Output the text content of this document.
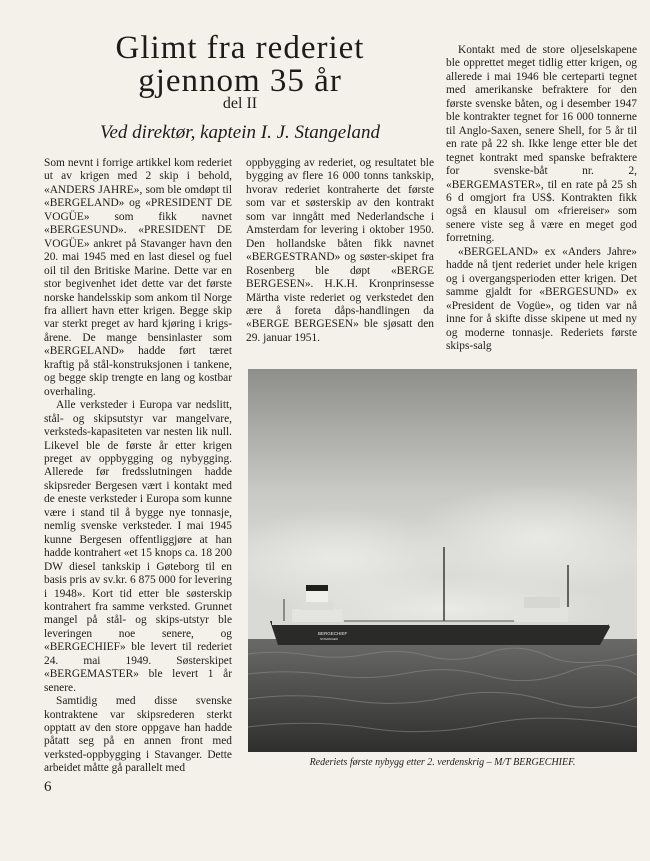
Glimt fra rederiet
gjennom 35 år
del II
Ved direktør, kaptein I. J. Stangeland

Som nevnt i forrige artikkel kom rederiet ut av krigen med 2 skip i behold, «ANDERS JAHRE», som ble omdøpt til «BERGELAND» og «PRESIDENT DE VOGÜE» som fikk navnet «BERGESUND». «PRESIDENT DE VOGÜE» ankret på Stavanger havn den 20. mai 1945 med en last diesel og fuel oil til den Britiske Marine. Dette var en stor begivenhet idet dette var det første norske handelsskip som ankom til Norge fra alliert havn etter krigen. Begge skip var sterkt preget av hard kjøring i krigs-årene. De mange bensinlaster som «BERGELAND» hadde ført tæret kraftig på stål-konstruksjonen i tankene, og begge skip trengte en lang og kostbar overhaling.

Alle verksteder i Europa var nedslitt, stål- og skipsutstyr var mangelvare, verksteds-kapasiteten var nesten lik null. Likevel ble de første år etter krigen preget av oppbygging og nybygging. Allerede før fredsslutningen hadde skipsreder Bergesen vært i kontakt med de eneste verksteder i Europa som kunne være i stand til å bygge nye tonnasje, nemlig svenske verksteder. I mai 1945 kunne Bergesen offentliggjøre at han hadde kontrahert «et 15 knops ca. 18 200 DW diesel tankskip i Gøteborg til en basis pris av sv.kr. 6 875 000 for levering i 1948». Kort tid etter ble søsterskip kontrahert fra samme verksted. Grunnet mangel på stål- og skips-utstyr ble leveringen noe senere, og «BERGECHIEF» ble levert til rederiet 24. mai 1949. Søsterskipet «BERGEMASTER» ble levert 1 år senere.

Samtidig med disse svenske kontraktene var skipsrederen sterkt opptatt av den store oppgave han hadde påtatt seg på en annen front med verksted-oppbygging i Stavanger. Dette arbeidet måtte gå parallelt med

oppbygging av rederiet, og resultatet ble bygging av flere 16 000 tonns tankskip, hvorav rederiet kontraherte det første som var et søsterskip av den kontrakt som var inngått med Nederlandsche i Amsterdam for levering i oktober 1950. Den hollandske båten fikk navnet «BERGESTRAND» og søster-skipet fra Rosenberg ble døpt «BERGE BERGESEN». H.K.H. Kronprinsesse Märtha viste rederiet og verkstedet den ære å foreta dåps-handlingen da «BERGE BERGESEN» ble sjøsatt den 29. januar 1951.

Kontakt med de store oljeselskapene ble opprettet meget tidlig etter krigen, og allerede i mai 1946 ble certeparti tegnet med amerikanske befraktere for den første svenske båten, og i desember 1947 ble kontrakter tegnet for 16 000 tonnerne til Anglo-Saxen, senere Shell, for 5 år til en rate på 22 sh. Ikke lenge etter ble det tegnet kontrakt med spanske befraktere for svenske-båt nr. 2, «BERGEMASTER», til en rate på 25 sh 6 d omgjort fra US$. Kontrakten fikk også en klausul om «friereiser» som senere viste seg å være en meget god forretning.

«BERGELAND» ex «Anders Jahre» hadde nå tjent rederiet under hele krigen og i overgangsperioden etter krigen. Det samme gjaldt for «BERGESUND» ex «President de Vogüe», og tiden var nå inne for å skifte disse skipene ut med ny og moderne tonnasje. Rederiets første skips-salg

BERGECHIEF
STAVANGER
Rederiets første nybygg etter 2. verdenskrig – M/T BERGECHIEF.
6
